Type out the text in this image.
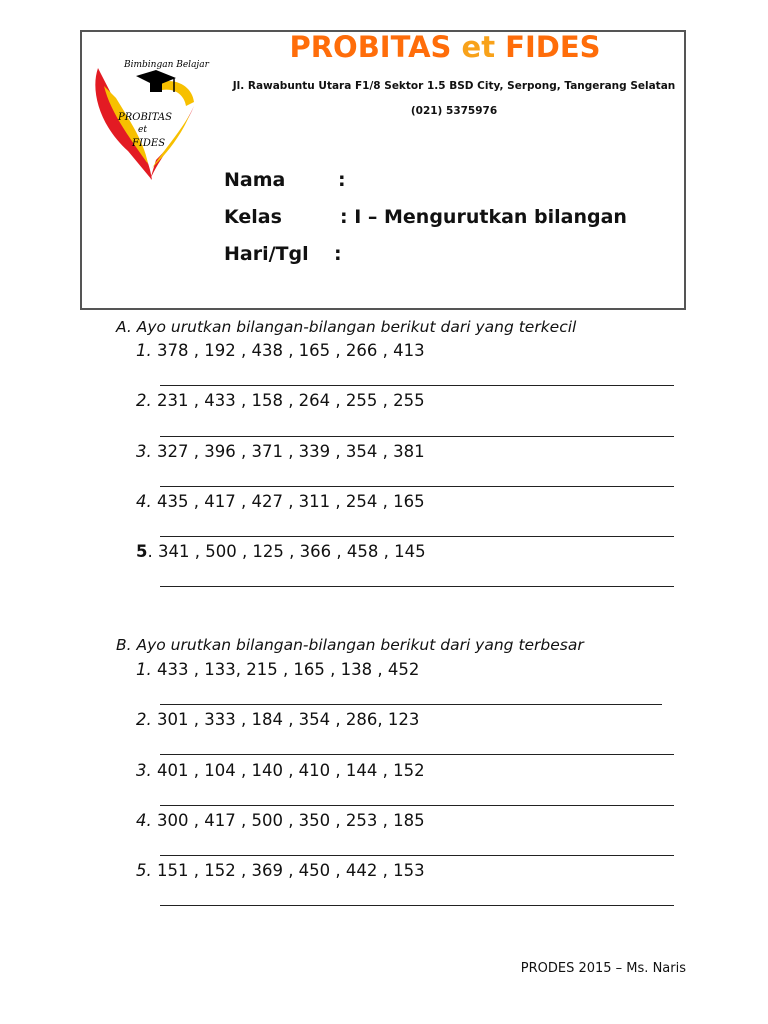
Bimbingan Belajar
PROBITAS
et
FIDES
PROBITAS et FIDES
Jl. Rawabuntu Utara F1/8 Sektor 1.5 BSD City, Serpong, Tangerang Selatan
(021) 5375976
Nama	:
Kelas	: I – Mengurutkan bilangan
Hari/Tgl :
A. Ayo urutkan bilangan-bilangan berikut dari yang terkecil
1. 378 , 192 , 438 , 165 , 266 , 413
2. 231 , 433 , 158 , 264 , 255 , 255
3. 327 , 396 , 371 , 339 , 354 , 381
4. 435 , 417 , 427 , 311 , 254 , 165
5. 341 , 500 , 125 , 366 , 458 , 145
B. Ayo urutkan bilangan-bilangan berikut dari yang terbesar
1. 433 , 133, 215 , 165 , 138 , 452
2. 301 , 333 , 184 , 354 , 286, 123
3. 401 , 104 , 140 , 410 , 144 , 152
4. 300 , 417 , 500 , 350 , 253 , 185
5. 151 , 152 , 369 , 450 , 442 , 153
PRODES 2015 – Ms. Naris
